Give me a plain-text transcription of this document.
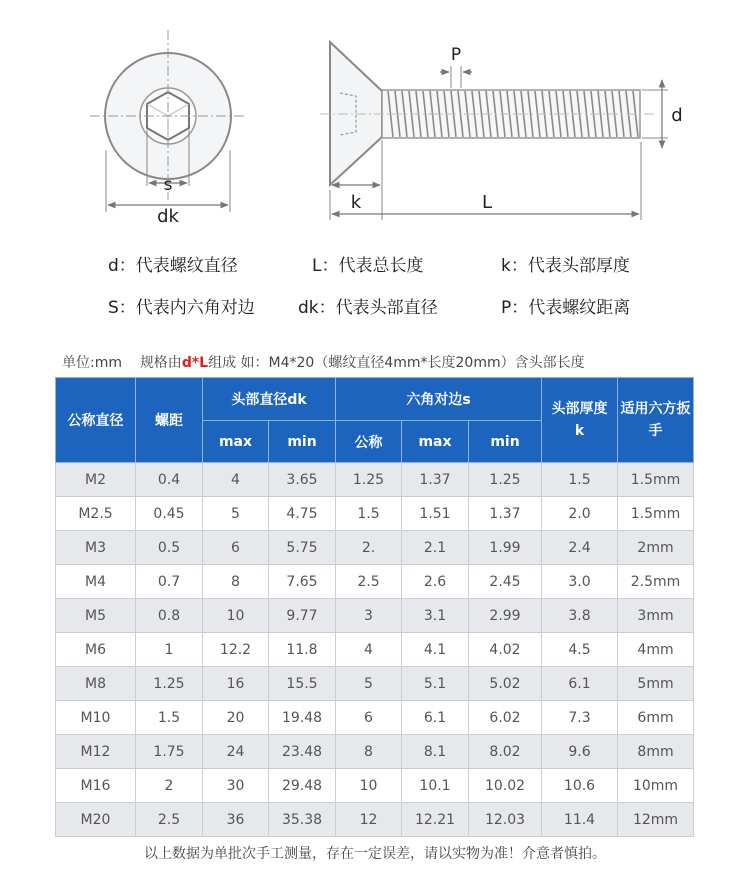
s
dk
P
d
k	L
d：代表螺纹直径	L：代表总长度	k：代表头部厚度
S：代表内六角对边	dk：代表头部直径	P：代表螺纹距离
单位:mm 规格由d*L组成 如：M4*20（螺纹直径4mm*长度20mm）含头部长度
公称直径	螺距	头部直径dk		六角对边s			头部厚度k	适用六方扳手
		max	min	公称	max	min		
M2	0.4	4	3.65	1.25	1.37	1.25	1.5	1.5mm
M2.5	0.45	5	4.75	1.5	1.51	1.37	2.0	1.5mm
M3	0.5	6	5.75	2.	2.1	1.99	2.4	2mm
M4	0.7	8	7.65	2.5	2.6	2.45	3.0	2.5mm
M5	0.8	10	9.77	3	3.1	2.99	3.8	3mm
M6	1	12.2	11.8	4	4.1	4.02	4.5	4mm
M8	1.25	16	15.5	5	5.1	5.02	6.1	5mm
M10	1.5	20	19.48	6	6.1	6.02	7.3	6mm
M12	1.75	24	23.48	8	8.1	8.02	9.6	8mm
M16	2	30	29.48	10	10.1	10.02	10.6	10mm
M20	2.5	36	35.38	12	12.21	12.03	11.4	12mm
以上数据为单批次手工测量，存在一定误差，请以实物为准！介意者慎拍。
